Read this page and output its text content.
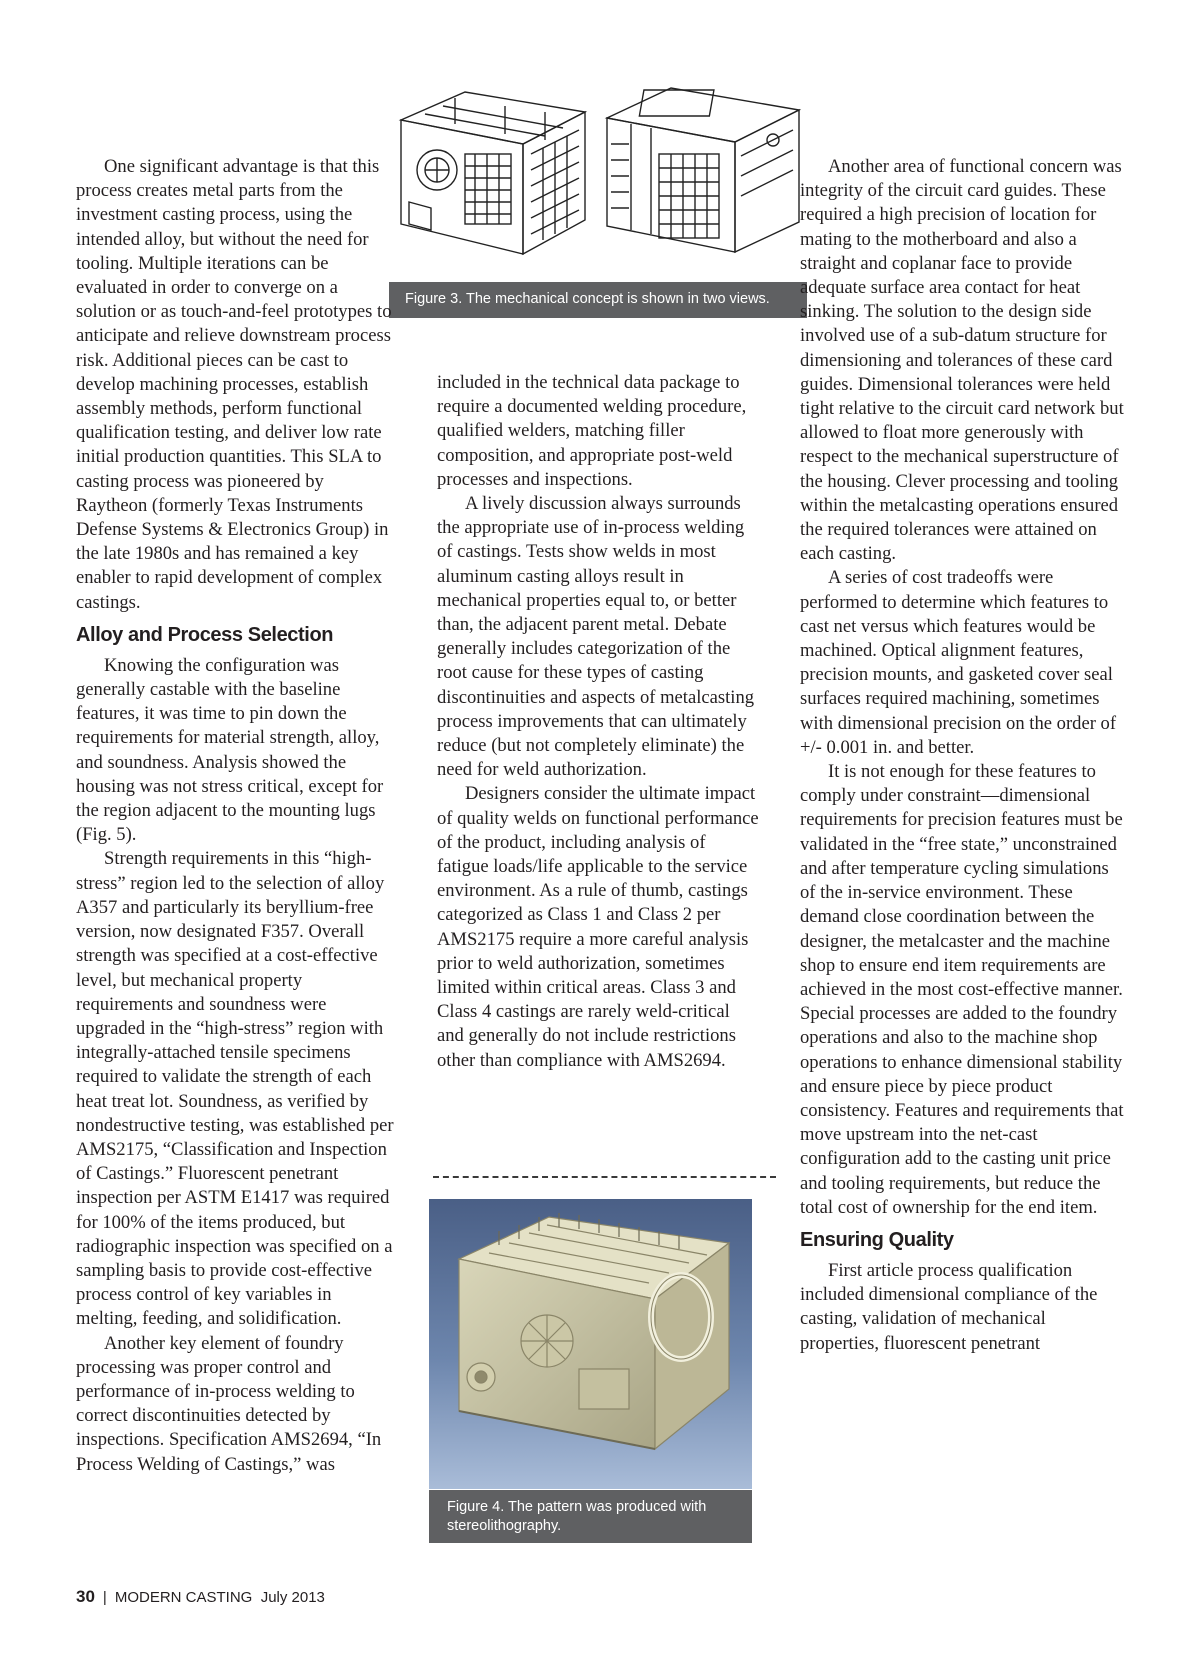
Figure 3. The mechanical concept is shown in two views.

One significant advantage is that this process creates metal parts from the investment casting process, using the intended alloy, but without the need for tooling. Multiple iterations can be evaluated in order to converge on a solution or as touch-and-feel prototypes to anticipate and relieve downstream process risk. Additional pieces can be cast to develop machining processes, establish assembly methods, perform functional qualification testing, and deliver low rate initial production quantities. This SLA to casting process was pioneered by Raytheon (formerly Texas Instruments Defense Systems & Electronics Group) in the late 1980s and has remained a key enabler to rapid development of complex castings.

Alloy and Process Selection

Knowing the configuration was generally castable with the baseline features, it was time to pin down the requirements for material strength, alloy, and soundness. Analysis showed the housing was not stress critical, except for the region adjacent to the mounting lugs (Fig. 5).

Strength requirements in this “high-stress” region led to the selection of alloy A357 and particularly its beryllium-free version, now designated F357. Overall strength was specified at a cost-effective level, but mechanical property requirements and soundness were upgraded in the “high-stress” region with integrally-attached tensile specimens required to validate the strength of each heat treat lot. Soundness, as verified by nondestructive testing, was established per AMS2175, “Classification and Inspection of Castings.” Fluorescent penetrant inspection per ASTM E1417 was required for 100% of the items produced, but radiographic inspection was specified on a sampling basis to provide cost-effective process control of key variables in melting, feeding, and solidification.

Another key element of foundry processing was proper control and performance of in-process welding to correct discontinuities detected by inspections. Specification AMS2694, “In Process Welding of Castings,” was

included in the technical data package to require a documented welding procedure, qualified welders, matching filler composition, and appropriate post-weld processes and inspections.

A lively discussion always surrounds the appropriate use of in-process welding of castings. Tests show welds in most aluminum casting alloys result in mechanical properties equal to, or better than, the adjacent parent metal. Debate generally includes categorization of the root cause for these types of casting discontinuities and aspects of metalcasting process improvements that can ultimately reduce (but not completely eliminate) the need for weld authorization.

Designers consider the ultimate impact of quality welds on functional performance of the product, including analysis of fatigue loads/life applicable to the service environment. As a rule of thumb, castings categorized as Class 1 and Class 2 per AMS2175 require a more careful analysis prior to weld authorization, sometimes limited within critical areas. Class 3 and Class 4 castings are rarely weld-critical and generally do not include restrictions other than compliance with AMS2694.

Figure 4. The pattern was produced with stereolithography.

Another area of functional concern was integrity of the circuit card guides. These required a high precision of location for mating to the motherboard and also a straight and coplanar face to provide adequate surface area contact for heat sinking. The solution to the design side involved use of a sub-datum structure for dimensioning and tolerances of these card guides. Dimensional tolerances were held tight relative to the circuit card network but allowed to float more generously with respect to the mechanical superstructure of the housing. Clever processing and tooling within the metalcasting operations ensured the required tolerances were attained on each casting.

A series of cost tradeoffs were performed to determine which features to cast net versus which features would be machined. Optical alignment features, precision mounts, and gasketed cover seal surfaces required machining, sometimes with dimensional precision on the order of +/- 0.001 in. and better.

It is not enough for these features to comply under constraint—dimensional requirements for precision features must be validated in the “free state,” unconstrained and after temperature cycling simulations of the in-service environment. These demand close coordination between the designer, the metalcaster and the machine shop to ensure end item requirements are achieved in the most cost-effective manner. Special processes are added to the foundry operations and also to the machine shop operations to enhance dimensional stability and ensure piece by piece product consistency. Features and requirements that move upstream into the net-cast configuration add to the casting unit price and tooling requirements, but reduce the total cost of ownership for the end item.

Ensuring Quality

First article process qualification included dimensional compliance of the casting, validation of mechanical properties, fluorescent penetrant

30 | MODERN CASTING July 2013
